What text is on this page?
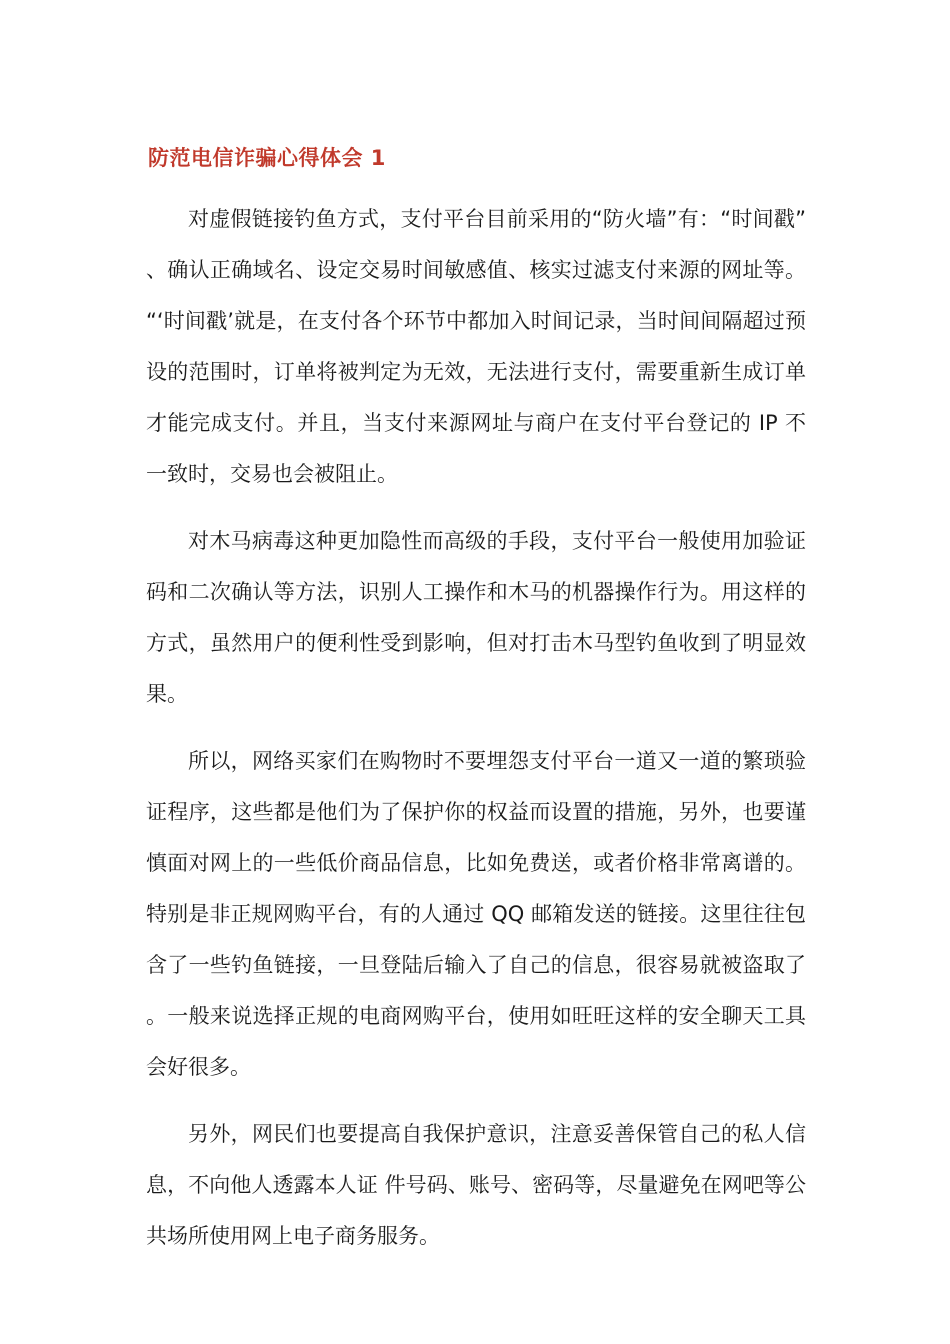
防范电信诈骗心得体会 1

对虚假链接钓鱼方式，支付平台目前采用的“防火墙”有：“时间戳”、确认正确域名、设定交易时间敏感值、核实过滤支付来源的网址等。“‘时间戳’就是，在支付各个环节中都加入时间记录，当时间间隔超过预设的范围时，订单将被判定为无效，无法进行支付，需要重新生成订单才能完成支付。并且，当支付来源网址与商户在支付平台登记的 IP 不一致时，交易也会被阻止。

对木马病毒这种更加隐性而高级的手段，支付平台一般使用加验证码和二次确认等方法，识别人工操作和木马的机器操作行为。用这样的方式，虽然用户的便利性受到影响，但对打击木马型钓鱼收到了明显效果。

所以，网络买家们在购物时不要埋怨支付平台一道又一道的繁琐验证程序，这些都是他们为了保护你的权益而设置的措施，另外，也要谨慎面对网上的一些低价商品信息，比如免费送，或者价格非常离谱的。特别是非正规网购平台，有的人通过 QQ 邮箱发送的链接。这里往往包含了一些钓鱼链接，一旦登陆后输入了自己的信息，很容易就被盗取了。一般来说选择正规的电商网购平台，使用如旺旺这样的安全聊天工具会好很多。

另外，网民们也要提高自我保护意识，注意妥善保管自己的私人信息，不向他人透露本人证 件号码、账号、密码等，尽量避免在网吧等公共场所使用网上电子商务服务。
